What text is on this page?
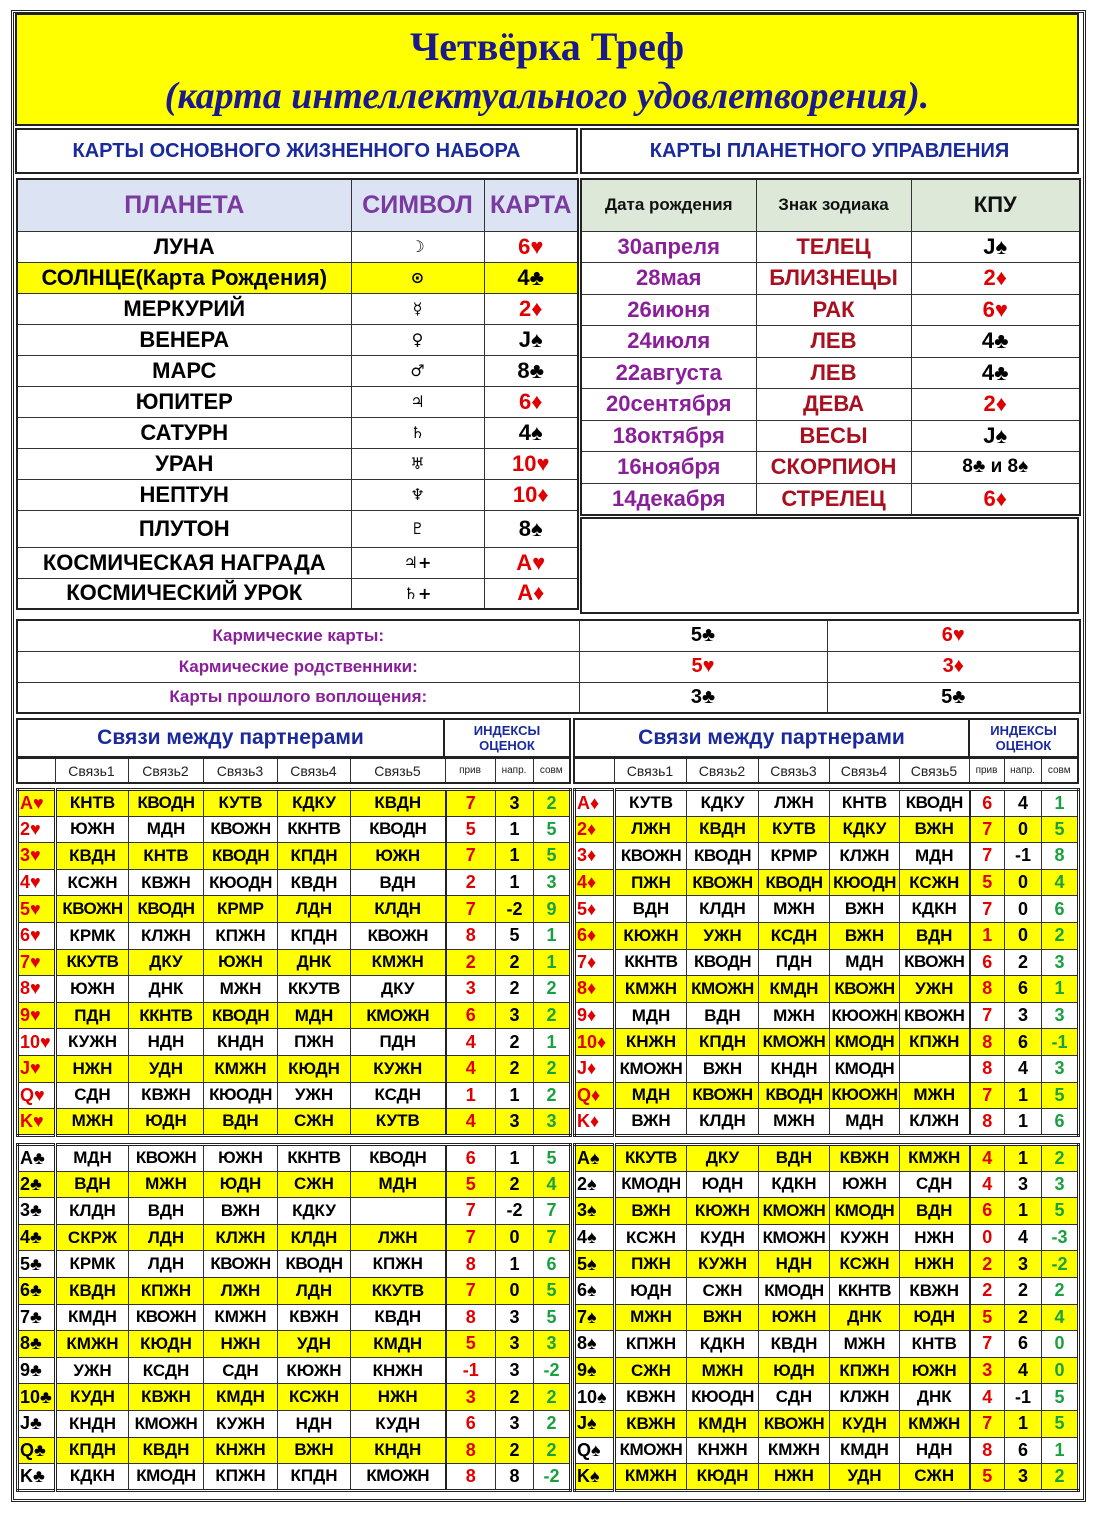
Четвёрка Треф
(карта интеллектуального удовлетворения).
КАРТЫ ОСНОВНОГО ЖИЗНЕННОГО НАБОРА	КАРТЫ ПЛАНЕТНОГО УПРАВЛЕНИЯ
ПЛАНЕТА	СИМВОЛ	КАРТА
ЛУНА	☽	6♥
СОЛНЦЕ(Карта Рождения)	⊙	4♣
МЕРКУРИЙ	☿	2♦
ВЕНЕРА	♀	J♠
МАРС	♂	8♣
ЮПИТЕР	♃	6♦
САТУРН	♄	4♠
УРАН	♅	10♥
НЕПТУН	♆	10♦
ПЛУТОН	♇	8♠
КОСМИЧЕСКАЯ НАГРАДА	♃+	A♥
КОСМИЧЕСКИЙ УРОК	♄+	A♦
Дата рождения	Знак зодиака	КПУ
30апреля	ТЕЛЕЦ	J♠
28мая	БЛИЗНЕЦЫ	2♦
26июня	РАК	6♥
24июля	ЛЕВ	4♣
22августа	ЛЕВ	4♣
20сентября	ДЕВА	2♦
18октября	ВЕСЫ	J♠
16ноября	СКОРПИОН	8♣ и 8♠
14декабря	СТРЕЛЕЦ	6♦
Кармические карты:	5♣	6♥
Кармические родственники:	5♥	3♦
Карты прошлого воплощения:	3♣	5♣
Связи между партнерами	ИНДЕКСЫ ОЦЕНОК	Связи между партнерами	ИНДЕКСЫ ОЦЕНОК
	Связь1	Связь2	Связь3	Связь4	Связь5	прив	напр.	совм
		Связь1	Связь2	Связь3	Связь4	Связь5	прив	напр.	совм
A♥	КНТВ	КВОДН	КУТВ	КДКУ	КВДН	7	3	2
2♥	ЮЖН	МДН	КВОЖН	ККНТВ	КВОДН	5	1	5
3♥	КВДН	КНТВ	КВОДН	КПДН	ЮЖН	7	1	5
4♥	КСЖН	КВЖН	КЮОДН	КВДН	ВДН	2	1	3
5♥	КВОЖН	КВОДН	КРМР	ЛДН	КЛДН	7	-2	9
6♥	КРМК	КЛЖН	КПЖН	КПДН	КВОЖН	8	5	1
7♥	ККУТВ	ДКУ	ЮЖН	ДНК	КМЖН	2	2	1
8♥	ЮЖН	ДНК	МЖН	ККУТВ	ДКУ	3	2	2
9♥	ПДН	ККНТВ	КВОДН	МДН	КМОЖН	6	3	2
10♥	КУЖН	НДН	КНДН	ПЖН	ПДН	4	2	1
J♥	НЖН	УДН	КМЖН	КЮДН	КУЖН	4	2	2
Q♥	СДН	КВЖН	КЮОДН	УЖН	КСДН	1	1	2
K♥	МЖН	ЮДН	ВДН	СЖН	КУТВ	4	3	3
A♦	КУТВ	КДКУ	ЛЖН	КНТВ	КВОДН	6	4	1
2♦	ЛЖН	КВДН	КУТВ	КДКУ	ВЖН	7	0	5
3♦	КВОЖН	КВОДН	КРМР	КЛЖН	МДН	7	-1	8
4♦	ПЖН	КВОЖН	КВОДН	КЮОДН	КСЖН	5	0	4
5♦	ВДН	КЛДН	МЖН	ВЖН	КДКН	7	0	6
6♦	КЮЖН	УЖН	КСДН	ВЖН	ВДН	1	0	2
7♦	ККНТВ	КВОДН	ПДН	МДН	КВОЖН	6	2	3
8♦	КМЖН	КМОЖН	КМДН	КВОЖН	УЖН	8	6	1
9♦	МДН	ВДН	МЖН	КЮОЖН	КВОЖН	7	3	3
10♦	КНЖН	КПДН	КМОЖН	КМОДН	КПЖН	8	6	-1
J♦	КМОЖН	ВЖН	КНДН	КМОДН		8	4	3
Q♦	МДН	КВОЖН	КВОДН	КЮОЖН	МЖН	7	1	5
K♦	ВЖН	КЛДН	МЖН	МДН	КЛЖН	8	1	6
A♣	МДН	КВОЖН	ЮЖН	ККНТВ	КВОДН	6	1	5
2♣	ВДН	МЖН	ЮДН	СЖН	МДН	5	2	4
3♣	КЛДН	ВДН	ВЖН	КДКУ		7	-2	7
4♣	СКРЖ	ЛДН	КЛЖН	КЛДН	ЛЖН	7	0	7
5♣	КРМК	ЛДН	КВОЖН	КВОДН	КПЖН	8	1	6
6♣	КВДН	КПЖН	ЛЖН	ЛДН	ККУТВ	7	0	5
7♣	КМДН	КВОЖН	КМЖН	КВЖН	КВДН	8	3	5
8♣	КМЖН	КЮДН	НЖН	УДН	КМДН	5	3	3
9♣	УЖН	КСДН	СДН	КЮЖН	КНЖН	-1	3	-2
10♣	КУДН	КВЖН	КМДН	КСЖН	НЖН	3	2	2
J♣	КНДН	КМОЖН	КУЖН	НДН	КУДН	6	3	2
Q♣	КПДН	КВДН	КНЖН	ВЖН	КНДН	8	2	2
K♣	КДКН	КМОДН	КПЖН	КПДН	КМОЖН	8	8	-2
A♠	ККУТВ	ДКУ	ВДН	КВЖН	КМЖН	4	1	2
2♠	КМОДН	ЮДН	КДКН	ЮЖН	СДН	4	3	3
3♠	ВЖН	КЮЖН	КМОЖН	КМОДН	ВДН	6	1	5
4♠	КСЖН	КУДН	КМОЖН	КУЖН	НЖН	0	4	-3
5♠	ПЖН	КУЖН	НДН	КСЖН	НЖН	2	3	-2
6♠	ЮДН	СЖН	КМОДН	ККНТВ	КВЖН	2	2	2
7♠	МЖН	ВЖН	ЮЖН	ДНК	ЮДН	5	2	4
8♠	КПЖН	КДКН	КВДН	МЖН	КНТВ	7	6	0
9♠	СЖН	МЖН	ЮДН	КПЖН	ЮЖН	3	4	0
10♠	КВЖН	КЮОДН	СДН	КЛЖН	ДНК	4	-1	5
J♠	КВЖН	КМДН	КВОЖН	КУДН	КМЖН	7	1	5
Q♠	КМОЖН	КНЖН	КМЖН	КМДН	НДН	8	6	1
K♠	КМЖН	КЮДН	НЖН	УДН	СЖН	5	3	2
